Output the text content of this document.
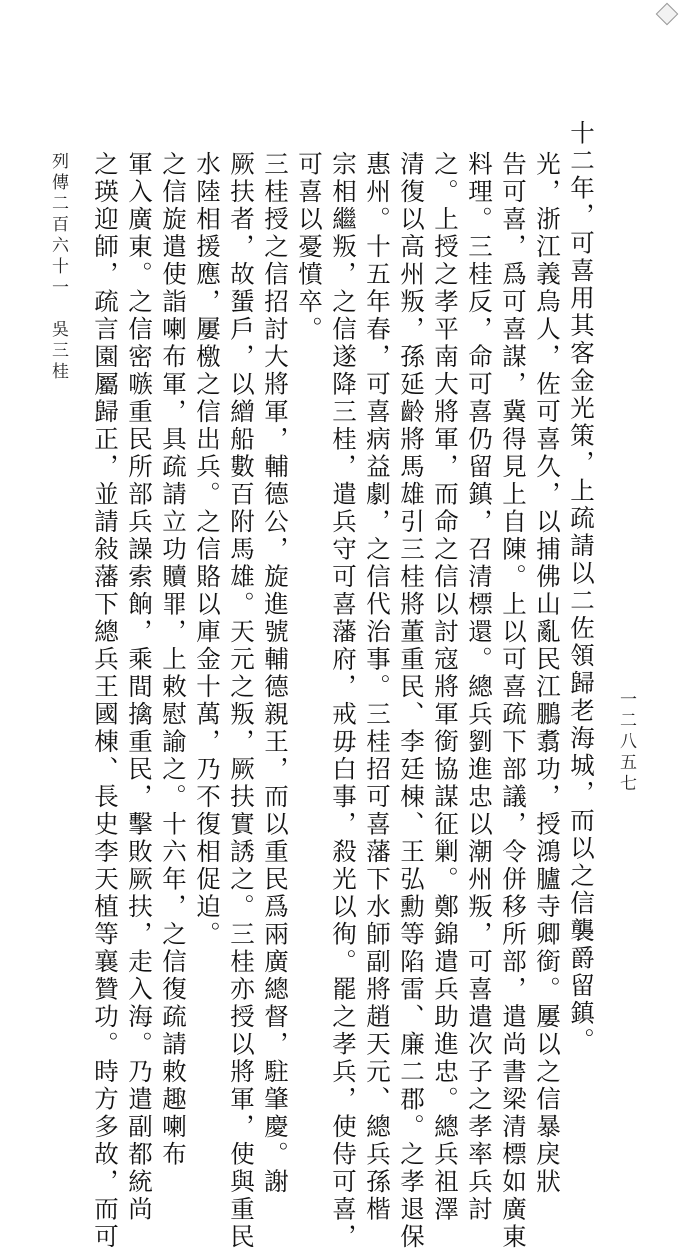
十二年，可喜用其客金光策，上疏請以二佐領歸老海城，而以之信襲爵留鎮。
光，浙江義烏人，佐可喜久，以捕佛山亂民江鵬翥功，授鴻臚寺卿銜。屢以之信暴戾狀
告可喜，爲可喜謀，冀得見上自陳。上以可喜疏下部議，令併移所部，遣尚書梁清標如廣東
料理。三桂反，命可喜仍留鎮，召清標還。總兵劉進忠以潮州叛，可喜遣次子之孝率兵討
之。上授之孝平南大將軍，而命之信以討寇將軍銜協謀征剿。鄭錦遣兵助進忠。總兵祖澤
清復以高州叛，孫延齡將馬雄引三桂將董重民、李廷棟、王弘勳等陷雷、廉二郡。之孝退保
惠州。十五年春，可喜病益劇，之信代治事。三桂招可喜藩下水師副將趙天元、總兵孫楷
宗相繼叛，之信遂降三桂，遣兵守可喜藩府，戒毋白事，殺光以徇。罷之孝兵，使侍可喜，
可喜以憂憤卒。
三桂授之信招討大將軍，輔德公，旋進號輔德親王，而以重民爲兩廣總督，駐肇慶。謝
厥扶者，故蜑戶，以繒船數百附馬雄。天元之叛，厥扶實誘之。三桂亦授以將軍，使與重民
水陸相援應，屢檄之信出兵。之信賂以庫金十萬，乃不復相促迫。
之信旋遣使詣喇布軍，具疏請立功贖罪，上敕慰諭之。十六年，之信復疏請敕趣喇布
軍入廣東。之信密嗾重民所部兵譟索餉，乘間擒重民，擊敗厥扶，走入海。乃遣副都統尚
之瑛迎師，疏言園屬歸正，並請敍藩下總兵王國棟、長史李天植等襄贊功。時方多故，而可
列傳二百六十一　吳三桂
一二八五七
